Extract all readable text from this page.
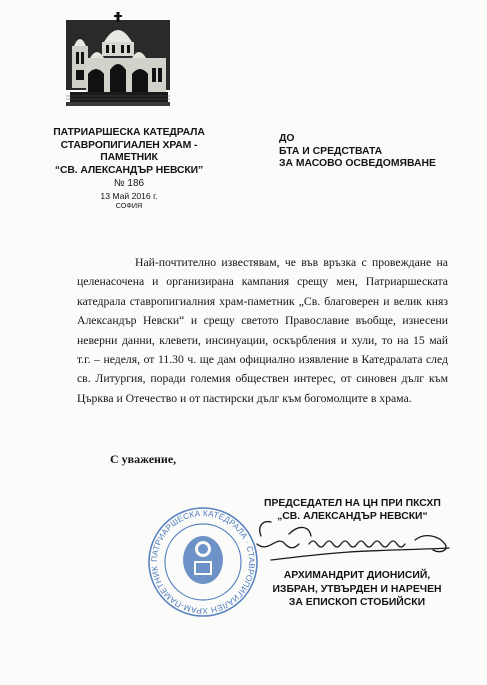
ПАТРИАРШЕСКА КАТЕДРАЛА
СТАВРОПИГИАЛЕН ХРАМ - ПАМЕТНИК
“СВ. АЛЕКСАНДЪР НЕВСКИ”
№ 186
13 Май 2016 г.
СОФИЯ
ДО
БТА И СРЕДСТВАТА
ЗА МАСОВО ОСВЕДОМЯВАНЕ

Най-почтително известявам, че във връзка с провеждане на целенасочена и организирана кампания срещу мен, Патриаршеската катедрала ставропигиалния храм-паметник „Св. благоверен и велик княз Александър Невски“ и срещу светото Православие въобще, изнесени неверни данни, клевети, инсинуации, оскърбления и хули, то на 15 май т.г. – неделя, от 11.30 ч. ще дам официално изявление в Катедралата след св. Литургия, поради големия обществен интерес, от синовен дълг към Църква и Отечество и от пастирски дълг към богомолците в храма.

С уважение,
ПАТРИАРШЕСКА КАТЕДРАЛА · СТАВРОПИГИАЛЕН ХРАМ-ПАМЕТНИК
ПРЕДСЕДАТЕЛ НА ЦН ПРИ ПКСХП
„СВ. АЛЕКСАНДЪР НЕВСКИ“
АРХИМАНДРИТ ДИОНИСИЙ,
ИЗБРАН, УТВЪРДЕН И НАРЕЧЕН
ЗА ЕПИСКОП СТОБИЙСКИ
